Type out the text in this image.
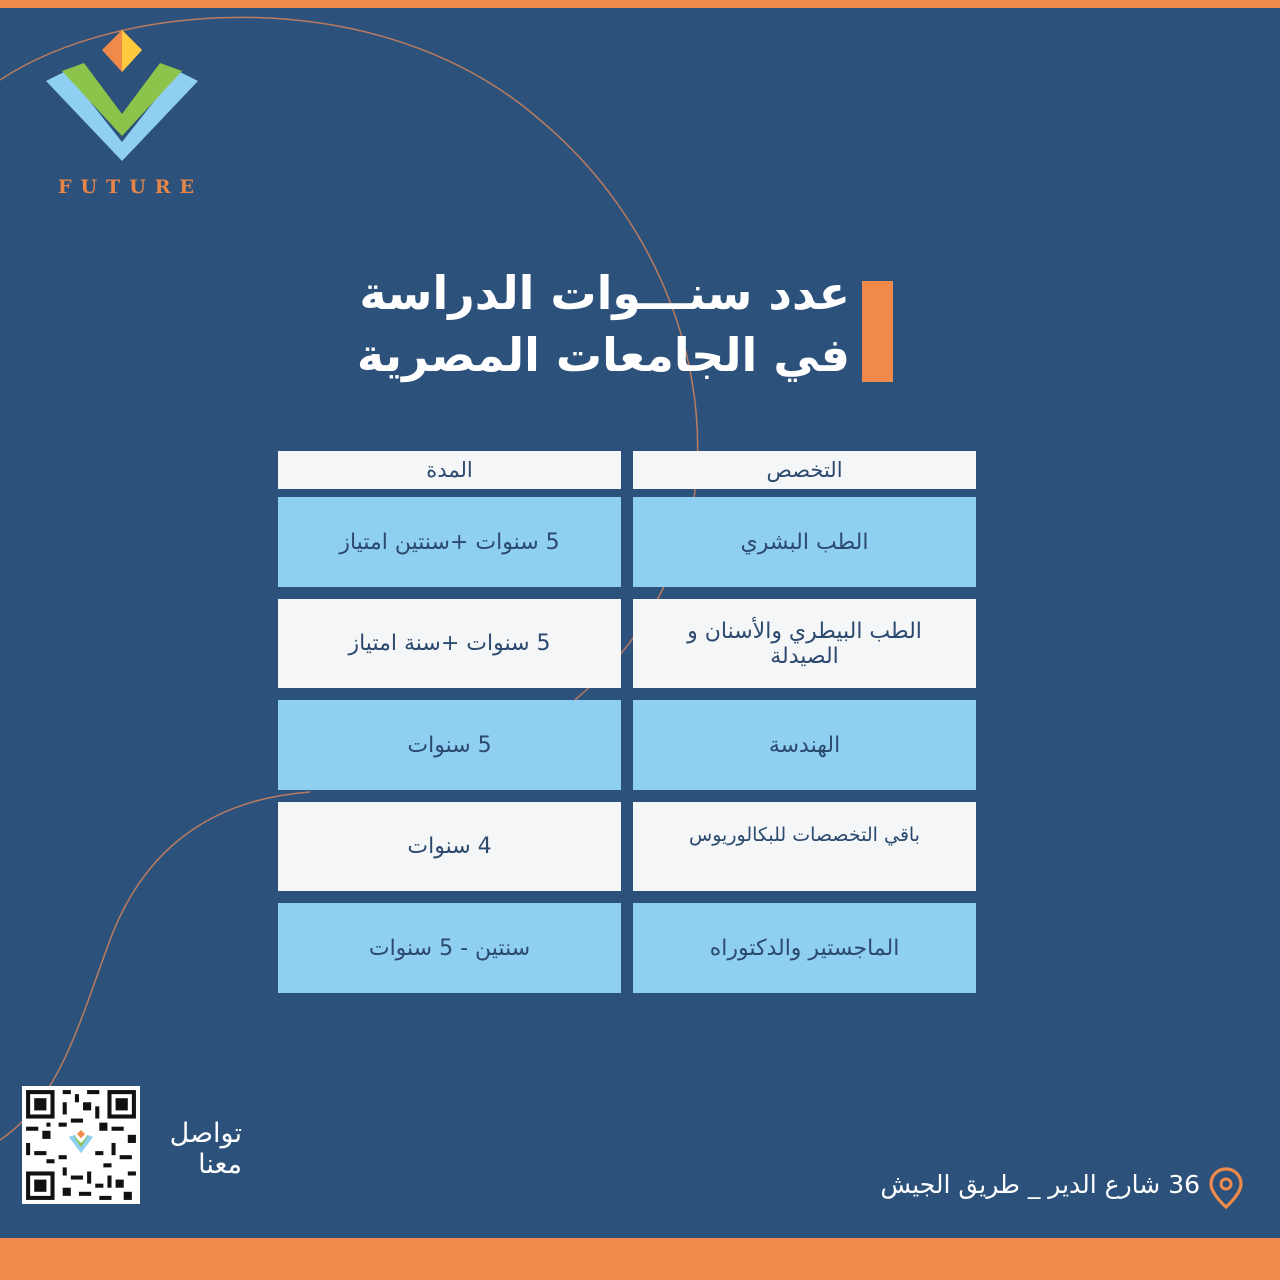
FUTURE
عدد سنـــوات الدراسة
في الجامعات المصرية
التخصص
المدة
الطب البشري
5 سنوات +سنتين امتياز
الطب البيطري والأسنان و الصيدلة
5 سنوات +سنة امتياز
الهندسة
5 سنوات
باقي التخصصات للبكالوريوس
4 سنوات
الماجستير والدكتوراه
سنتين - 5 سنوات
تواصل معنا
36 شارع الدير _ طريق الجيش
